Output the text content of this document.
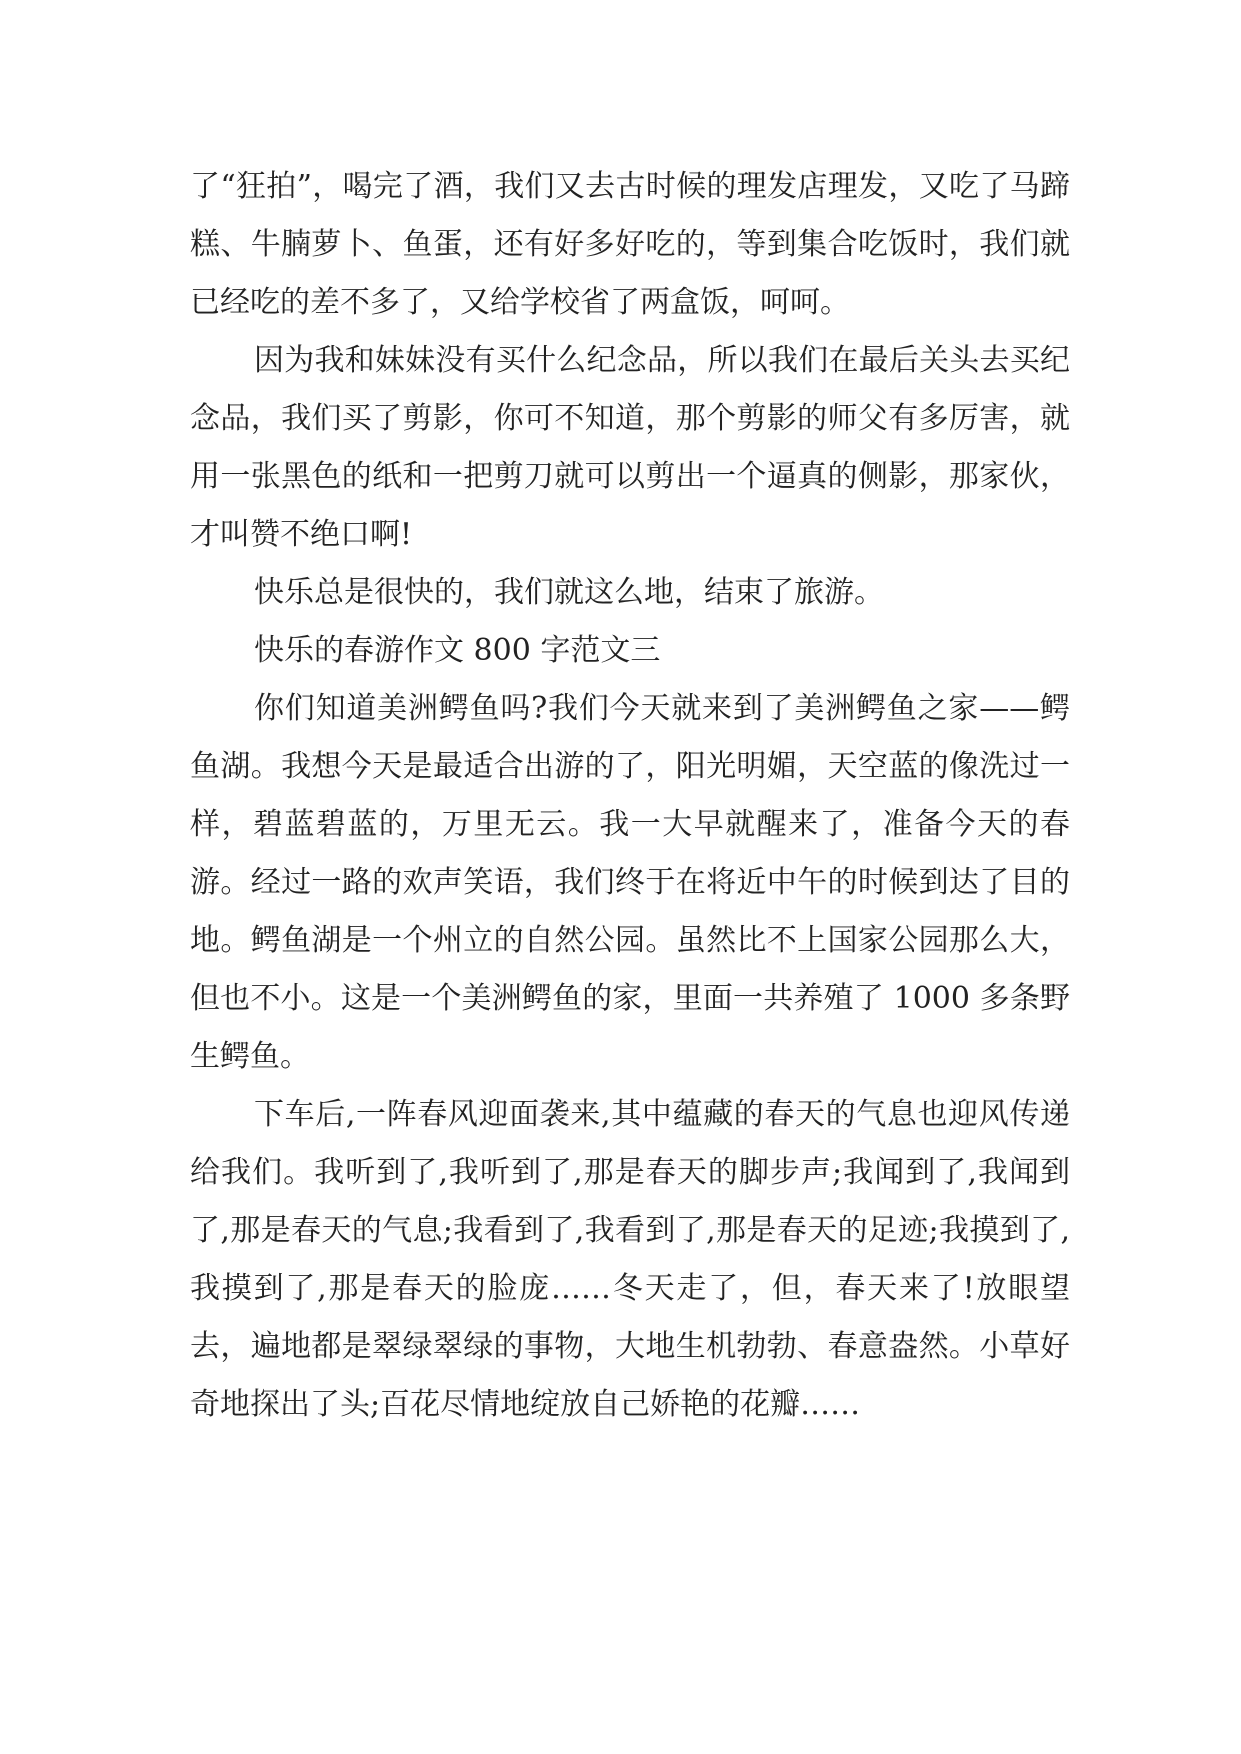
了“狂拍”，喝完了酒，我们又去古时候的理发店理发，又吃了马蹄糕、牛腩萝卜、鱼蛋，还有好多好吃的，等到集合吃饭时，我们就已经吃的差不多了，又给学校省了两盒饭，呵呵。

因为我和妹妹没有买什么纪念品，所以我们在最后关头去买纪念品，我们买了剪影，你可不知道，那个剪影的师父有多厉害，就用一张黑色的纸和一把剪刀就可以剪出一个逼真的侧影，那家伙，才叫赞不绝口啊!

快乐总是很快的，我们就这么地，结束了旅游。

快乐的春游作文 800 字范文三

你们知道美洲鳄鱼吗?我们今天就来到了美洲鳄鱼之家——鳄鱼湖。我想今天是最适合出游的了，阳光明媚，天空蓝的像洗过一样，碧蓝碧蓝的，万里无云。我一大早就醒来了，准备今天的春游。经过一路的欢声笑语，我们终于在将近中午的时候到达了目的地。鳄鱼湖是一个州立的自然公园。虽然比不上国家公园那么大，但也不小。这是一个美洲鳄鱼的家，里面一共养殖了 1000 多条野生鳄鱼。

下车后,一阵春风迎面袭来,其中蕴藏的春天的气息也迎风传递给我们。我听到了,我听到了,那是春天的脚步声;我闻到了,我闻到了,那是春天的气息;我看到了,我看到了,那是春天的足迹;我摸到了,我摸到了,那是春天的脸庞……冬天走了，但，春天来了!放眼望去，遍地都是翠绿翠绿的事物，大地生机勃勃、春意盎然。小草好奇地探出了头;百花尽情地绽放自己娇艳的花瓣……
